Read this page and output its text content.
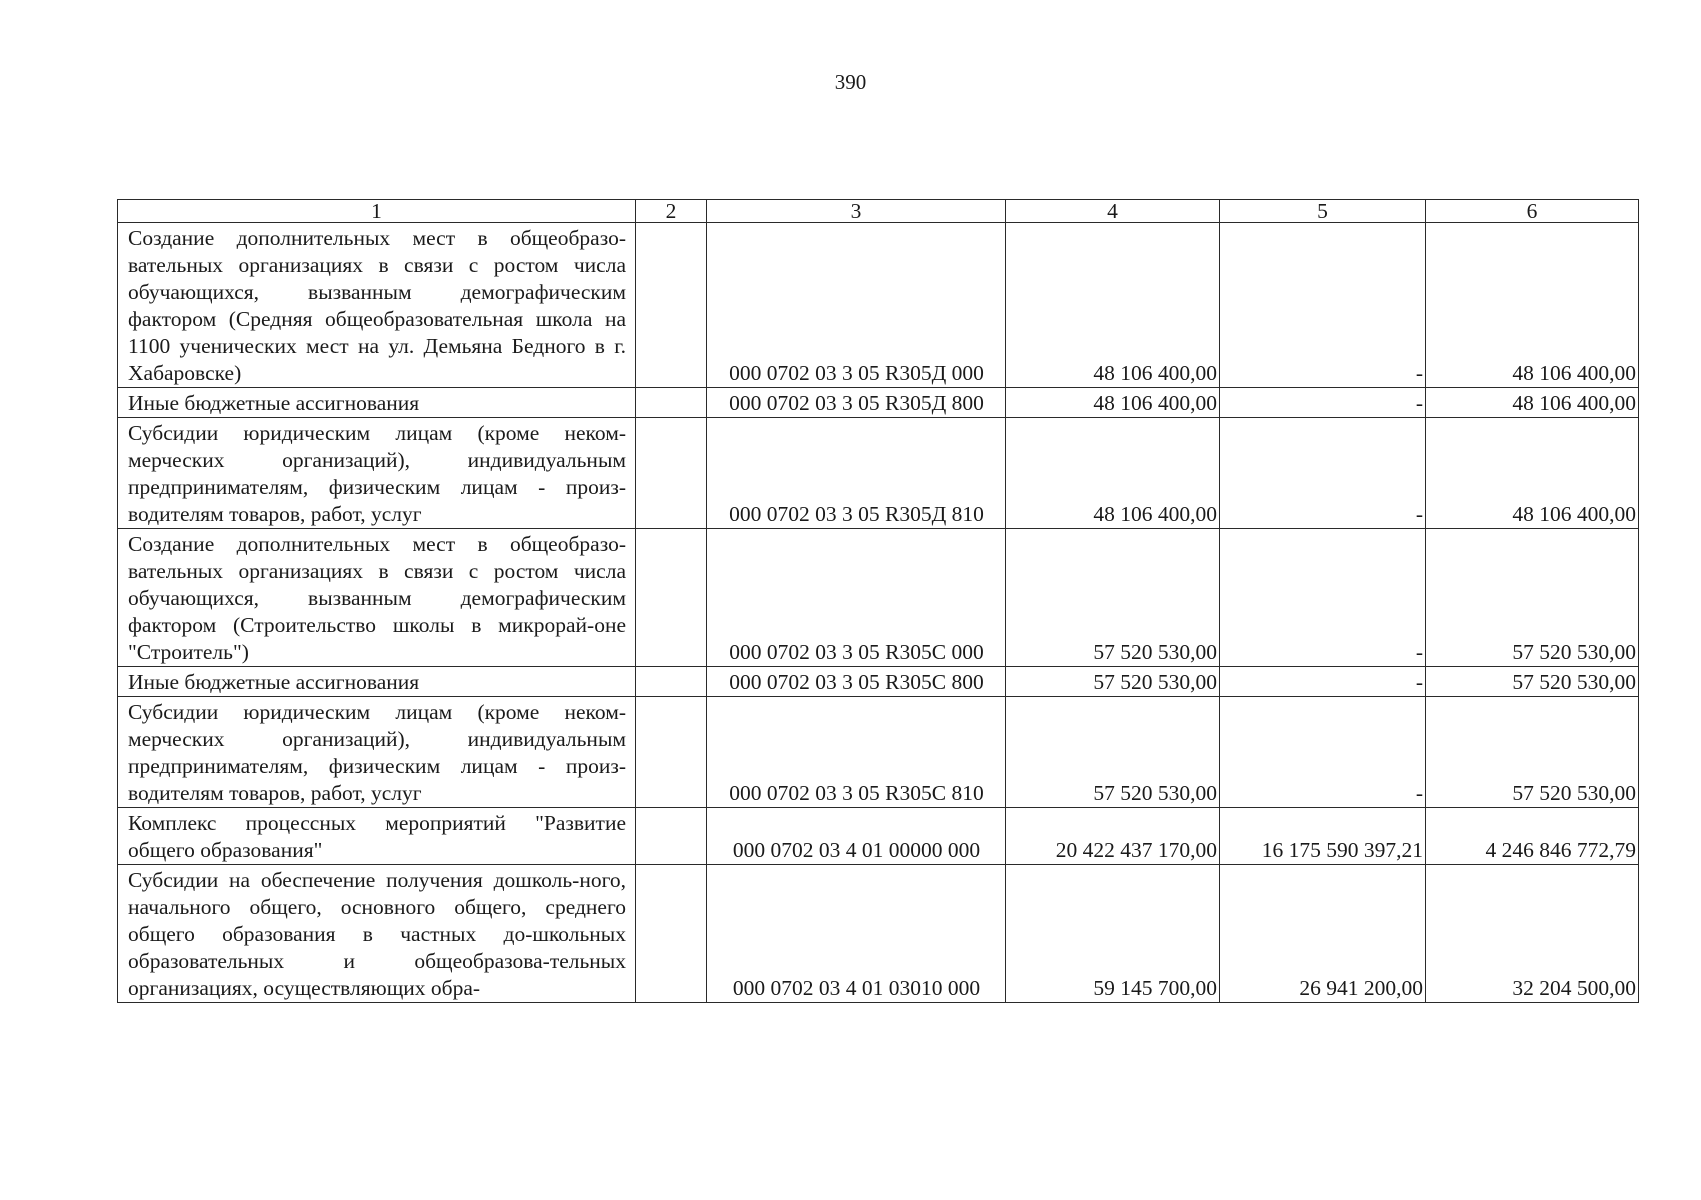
390
1	2	3	4	5	6
Создание дополнительных мест в общеобразо-вательных организациях в связи с ростом числа обучающихся, вызванным демографическим фактором (Средняя общеобразовательная школа на 1100 ученических мест на ул. Демьяна Бедного в г. Хабаровске)		000 0702 03 3 05 R305Д 000	48 106 400,00	-	48 106 400,00
Иные бюджетные ассигнования		000 0702 03 3 05 R305Д 800	48 106 400,00	-	48 106 400,00
Субсидии юридическим лицам (кроме неком-мерческих организаций), индивидуальным предпринимателям, физическим лицам - произ-водителям товаров, работ, услуг		000 0702 03 3 05 R305Д 810	48 106 400,00	-	48 106 400,00
Создание дополнительных мест в общеобразо-вательных организациях в связи с ростом числа обучающихся, вызванным демографическим фактором (Строительство школы в микрорай-оне "Строитель")		000 0702 03 3 05 R305С 000	57 520 530,00	-	57 520 530,00
Иные бюджетные ассигнования		000 0702 03 3 05 R305С 800	57 520 530,00	-	57 520 530,00
Субсидии юридическим лицам (кроме неком-мерческих организаций), индивидуальным предпринимателям, физическим лицам - произ-водителям товаров, работ, услуг		000 0702 03 3 05 R305С 810	57 520 530,00	-	57 520 530,00
Комплекс процессных мероприятий "Развитие общего образования"		000 0702 03 4 01 00000 000	20 422 437 170,00	16 175 590 397,21	4 246 846 772,79
Субсидии на обеспечение получения дошколь-ного, начального общего, основного общего, среднего общего образования в частных до-школьных образовательных и общеобразова-тельных организациях, осуществляющих обра-		000 0702 03 4 01 03010 000	59 145 700,00	26 941 200,00	32 204 500,00
